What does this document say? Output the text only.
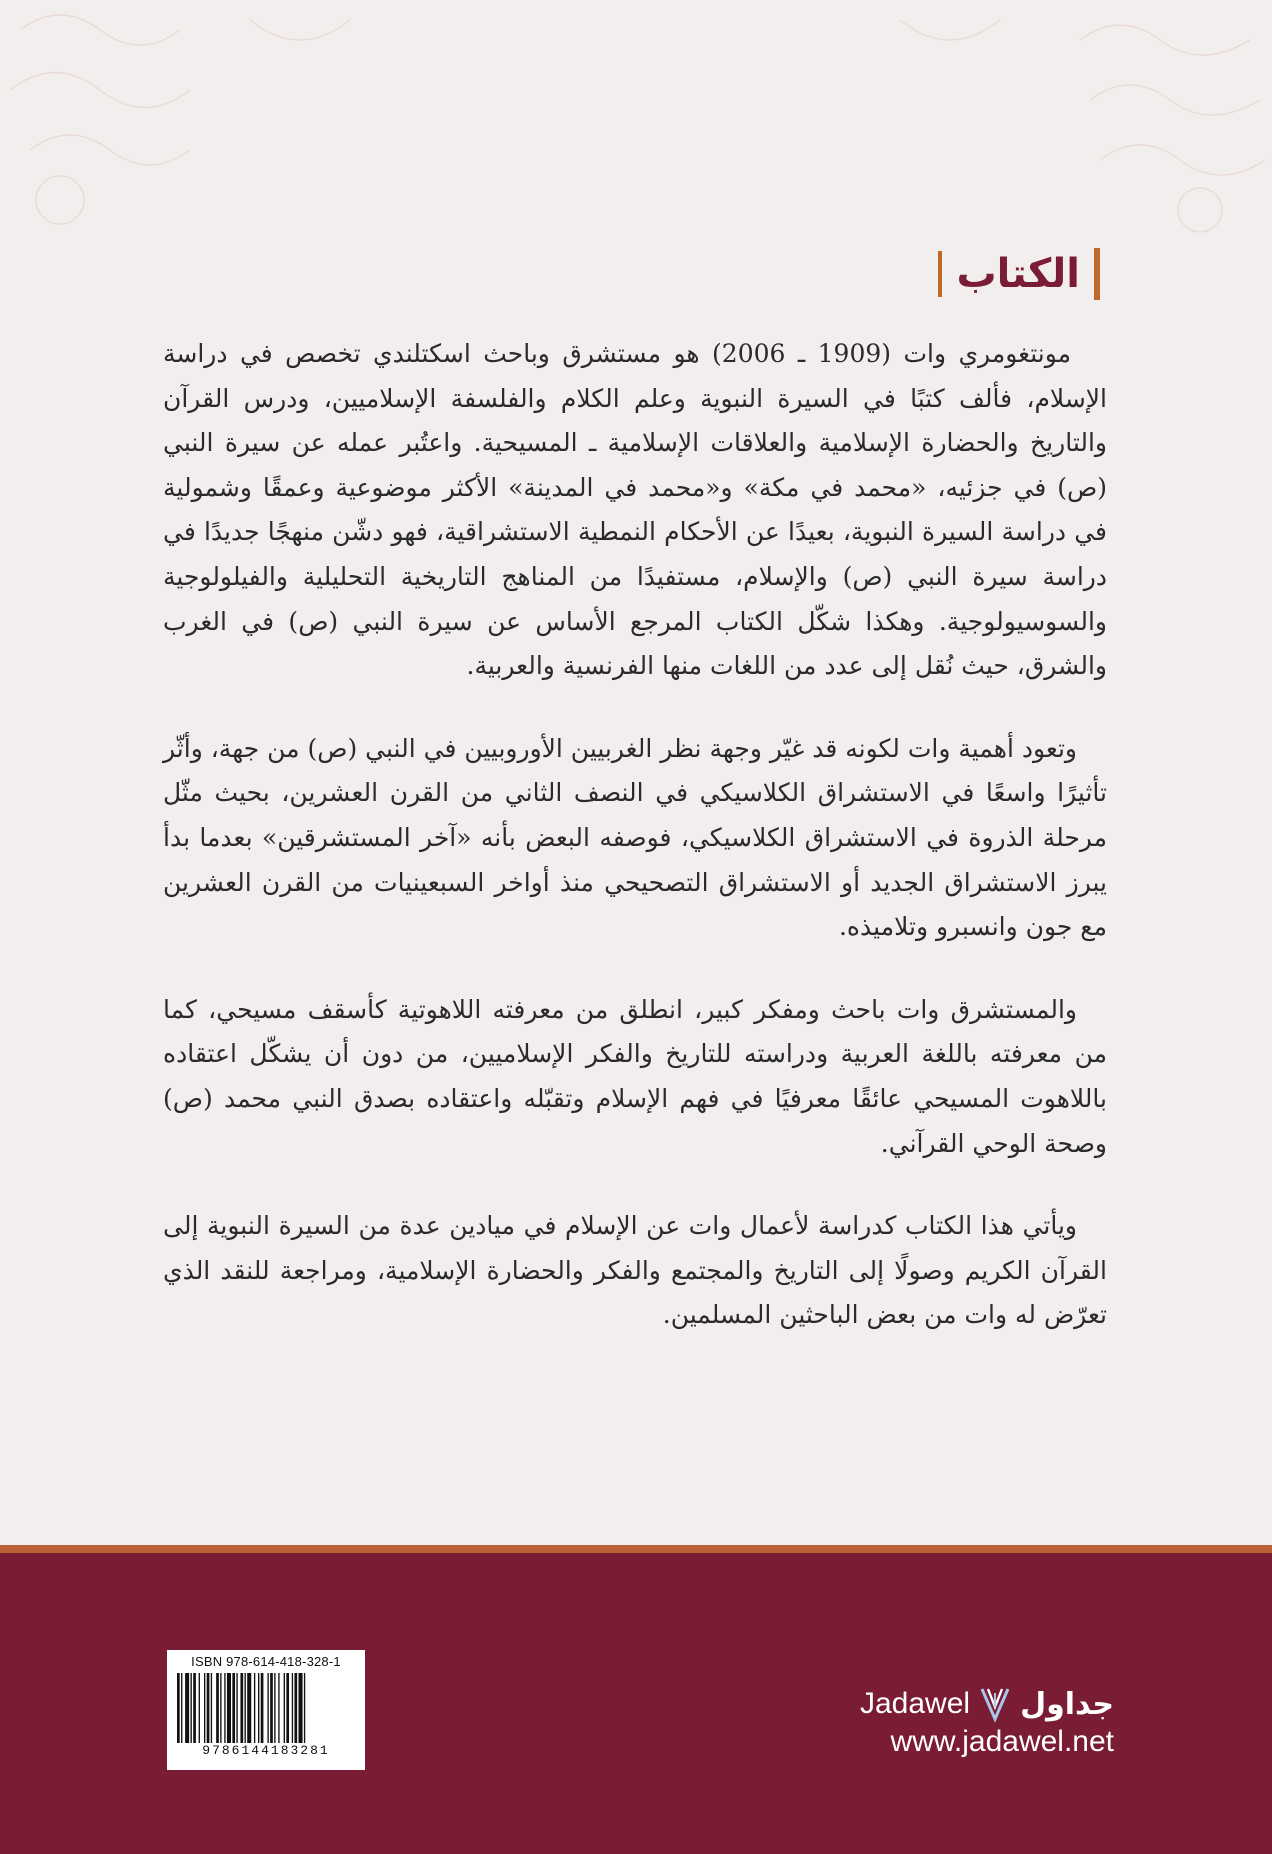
الكتاب

مونتغومري وات (1909 ـ 2006) هو مستشرق وباحث اسكتلندي تخصص في دراسة الإسلام، فألف كتبًا في السيرة النبوية وعلم الكلام والفلسفة الإسلاميين، ودرس القرآن والتاريخ والحضارة الإسلامية والعلاقات الإسلامية ـ المسيحية. واعتُبر عمله عن سيرة النبي (ص) في جزئيه، «محمد في مكة» و«محمد في المدينة» الأكثر موضوعية وعمقًا وشمولية في دراسة السيرة النبوية، بعيدًا عن الأحكام النمطية الاستشراقية، فهو دشّن منهجًا جديدًا في دراسة سيرة النبي (ص) والإسلام، مستفيدًا من المناهج التاريخية التحليلية والفيلولوجية والسوسيولوجية. وهكذا شكّل الكتاب المرجع الأساس عن سيرة النبي (ص) في الغرب والشرق، حيث نُقل إلى عدد من اللغات منها الفرنسية والعربية.

وتعود أهمية وات لكونه قد غيّر وجهة نظر الغربيين الأوروبيين في النبي (ص) من جهة، وأثّر تأثيرًا واسعًا في الاستشراق الكلاسيكي في النصف الثاني من القرن العشرين، بحيث مثّل مرحلة الذروة في الاستشراق الكلاسيكي، فوصفه البعض بأنه «آخر المستشرقين» بعدما بدأ يبرز الاستشراق الجديد أو الاستشراق التصحيحي منذ أواخر السبعينيات من القرن العشرين مع جون وانسبرو وتلاميذه.

والمستشرق وات باحث ومفكر كبير، انطلق من معرفته اللاهوتية كأسقف مسيحي، كما من معرفته باللغة العربية ودراسته للتاريخ والفكر الإسلاميين، من دون أن يشكّل اعتقاده باللاهوت المسيحي عائقًا معرفيًا في فهم الإسلام وتقبّله واعتقاده بصدق النبي محمد (ص) وصحة الوحي القرآني.

ويأتي هذا الكتاب كدراسة لأعمال وات عن الإسلام في ميادين عدة من السيرة النبوية إلى القرآن الكريم وصولًا إلى التاريخ والمجتمع والفكر والحضارة الإسلامية، ومراجعة للنقد الذي تعرّض له وات من بعض الباحثين المسلمين.

ISBN 978-614-418-328-1
9786144183281
Jadawel جداول
www.jadawel.net
